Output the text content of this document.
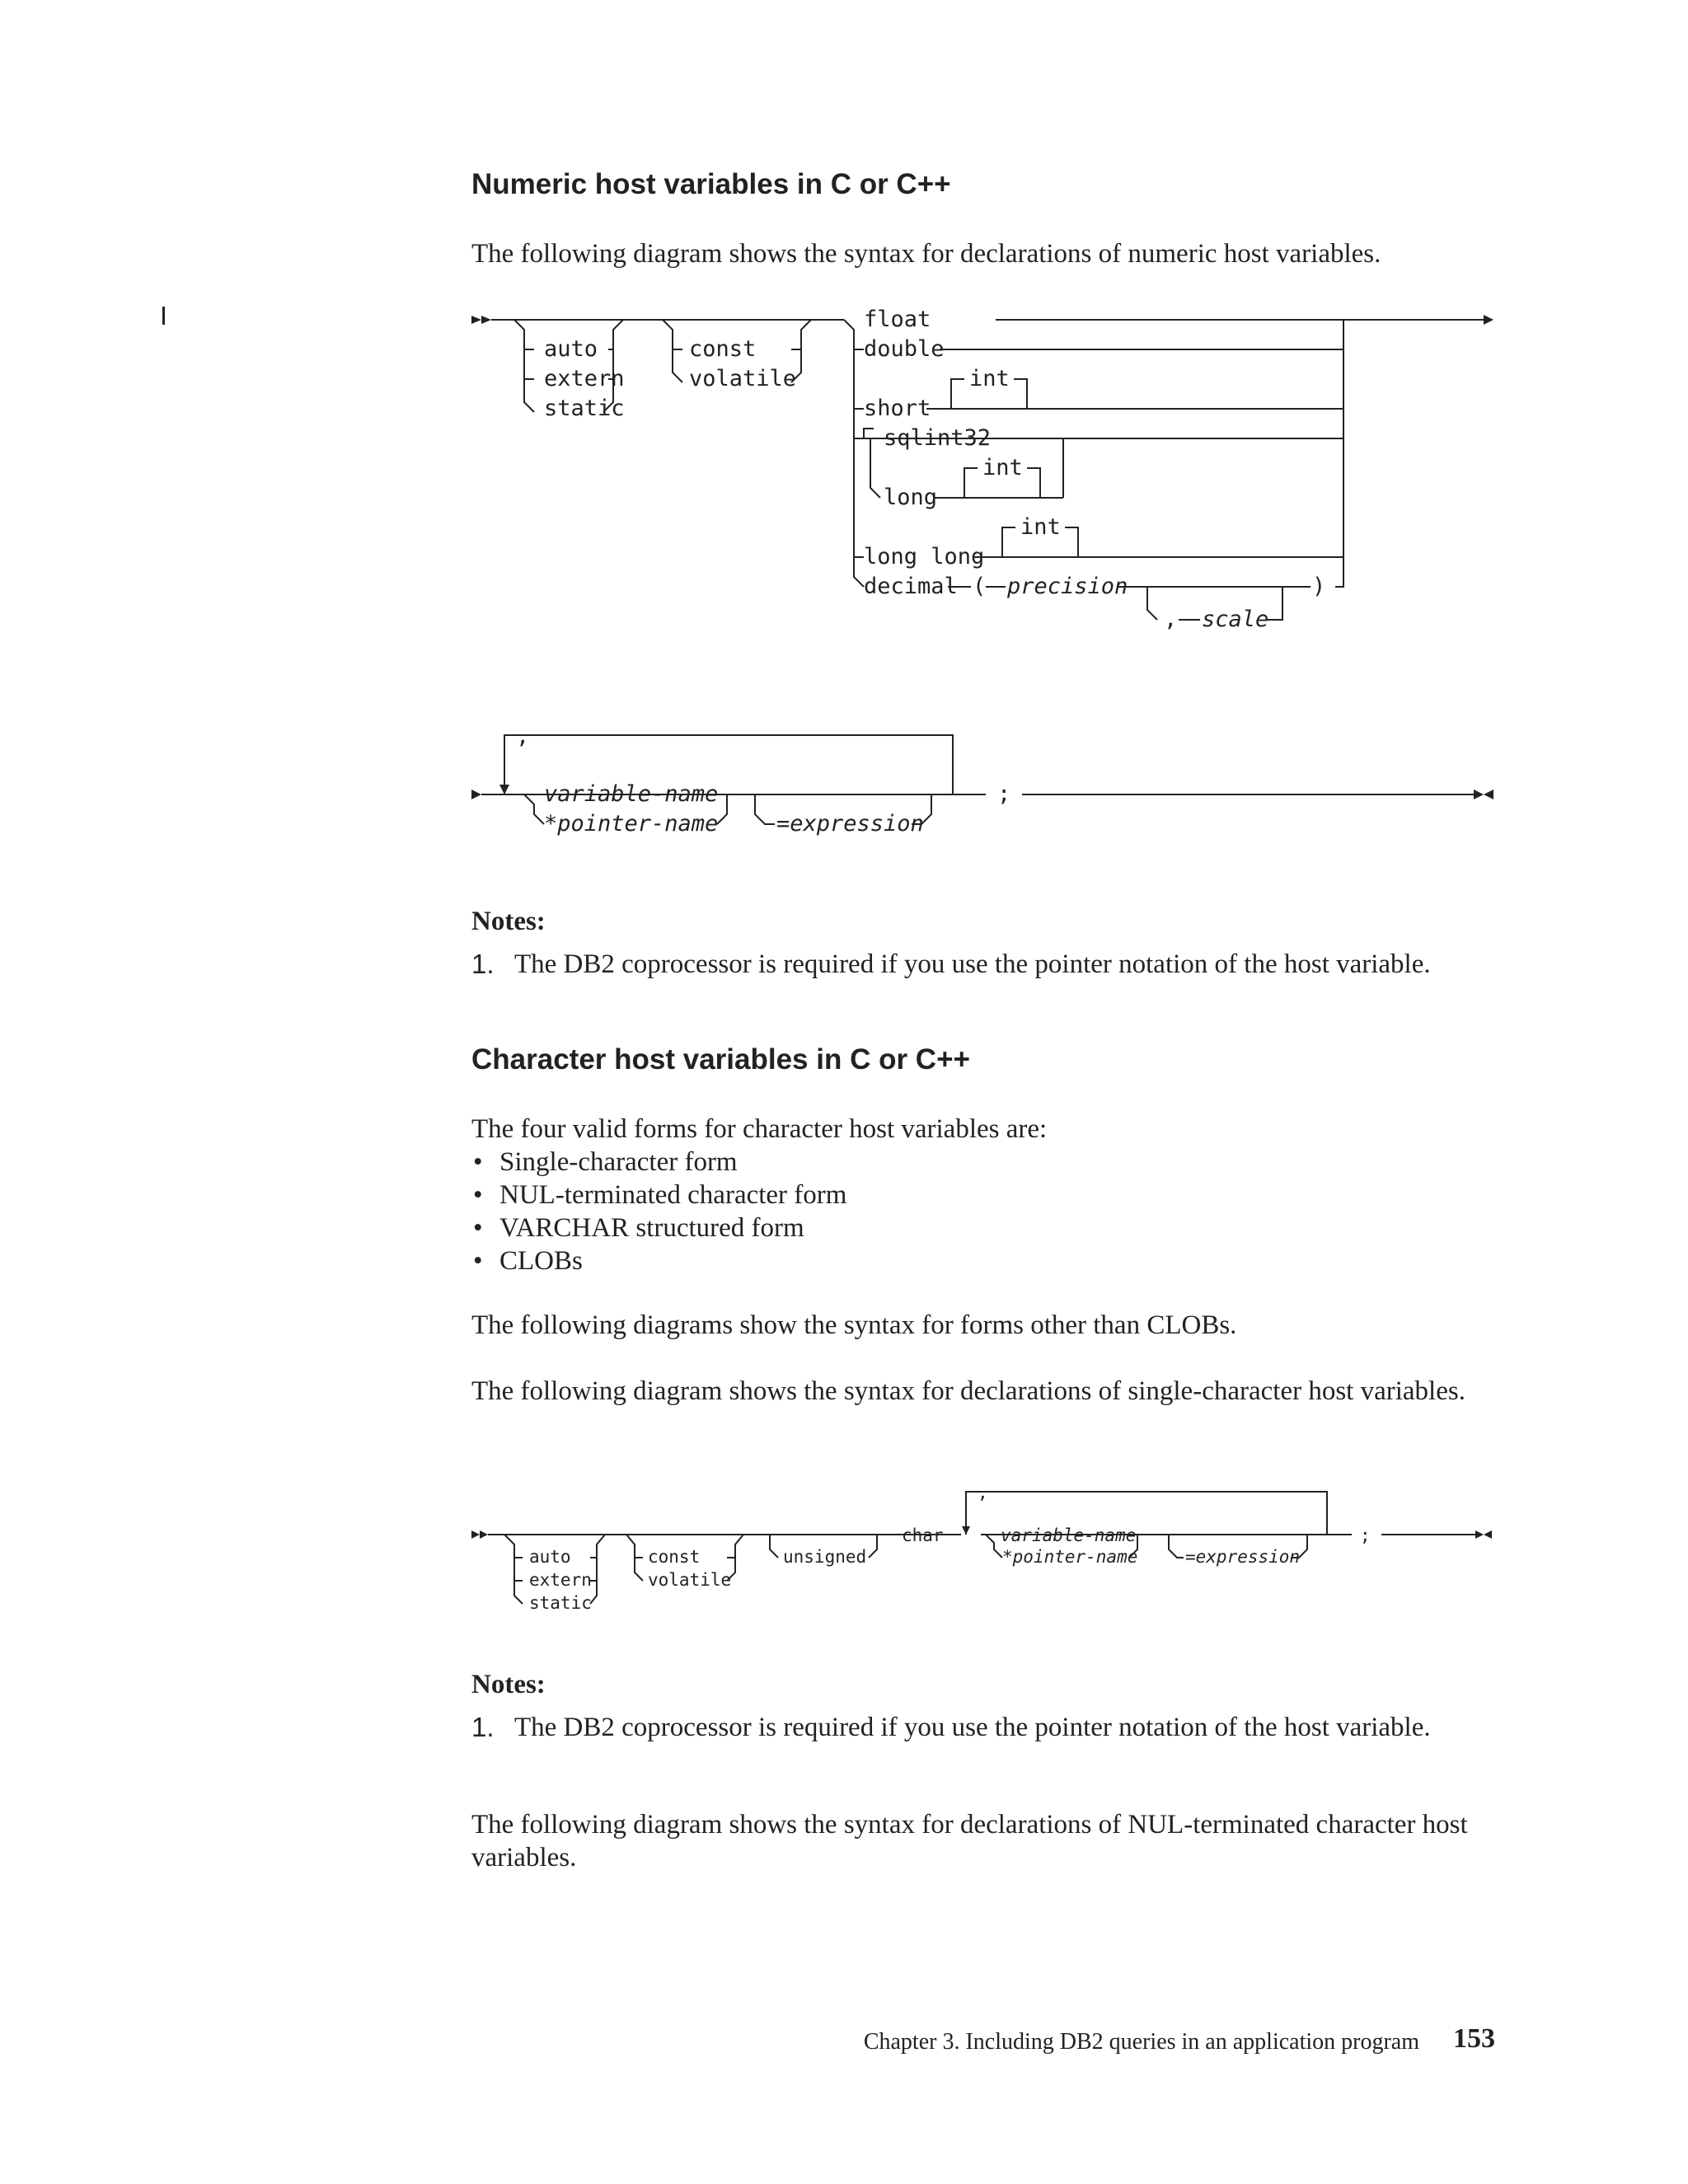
Numeric host variables in C or C++

The following diagram shows the syntax for declarations of numeric host variables.

auto
extern
static
const
volatile
float
double
short
int
sqlint32
long
int
long long
int
decimal ( precision
, scale
)
,
variable-name
*pointer-name	=expression
;
Notes:
1. The DB2 coprocessor is required if you use the pointer notation of the host variable.
Character host variables in C or C++

The four valid forms for character host variables are:

• Single-character form
• NUL-terminated character form
• VARCHAR structured form
• CLOBs

The following diagrams show the syntax for forms other than CLOBs.

The following diagram shows the syntax for declarations of single-character host variables.

auto
extern
static
const
volatile
unsigned
char
,
variable-name
*pointer-name	=expression
;
Notes:
1. The DB2 coprocessor is required if you use the pointer notation of the host variable.

The following diagram shows the syntax for declarations of NUL-terminated character host variables.

Chapter 3. Including DB2 queries in an application program 153
